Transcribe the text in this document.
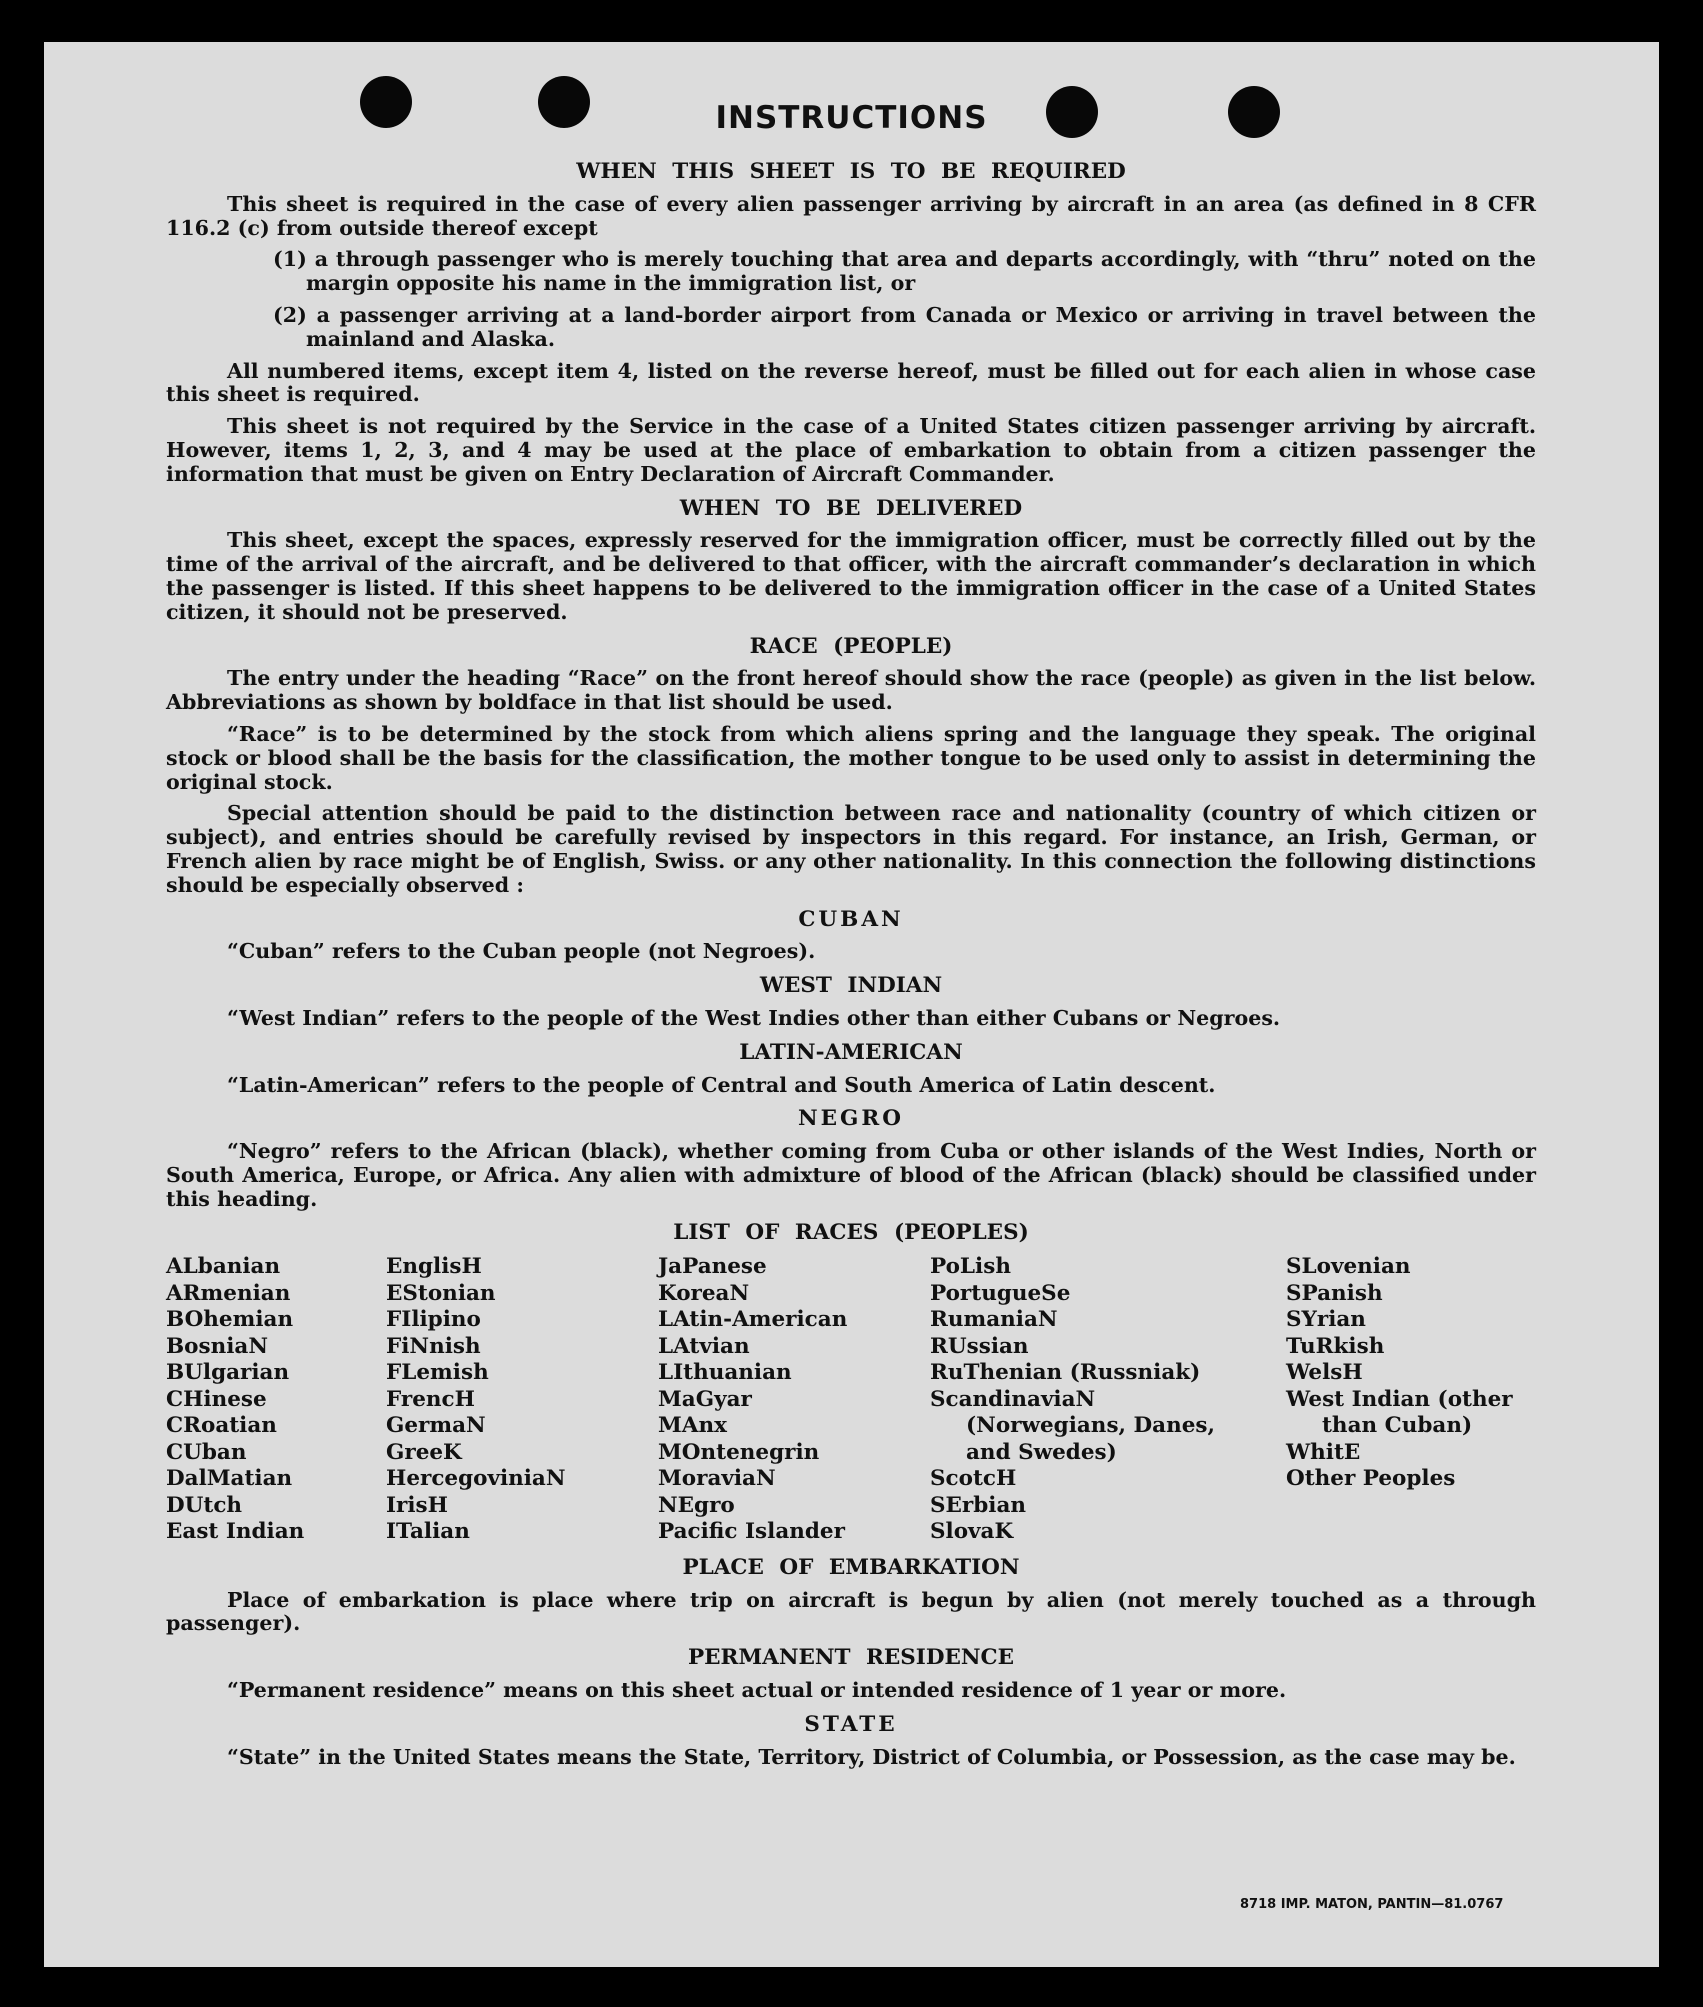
INSTRUCTIONS
WHEN THIS SHEET IS TO BE REQUIRED

This sheet is required in the case of every alien passenger arriving by aircraft in an area (as defined in 8 CFR 116.2 (c) from outside thereof except

(1) a through passenger who is merely touching that area and departs accordingly, with “thru” noted on the margin opposite his name in the immigration list, or

(2) a passenger arriving at a land-border airport from Canada or Mexico or arriving in travel between the mainland and Alaska.

All numbered items, except item 4, listed on the reverse hereof, must be filled out for each alien in whose case this sheet is required.

This sheet is not required by the Service in the case of a United States citizen passenger arriving by aircraft. However, items 1, 2, 3, and 4 may be used at the place of embarkation to obtain from a citizen passenger the information that must be given on Entry Declaration of Aircraft Commander.

WHEN TO BE DELIVERED

This sheet, except the spaces, expressly reserved for the immigration officer, must be correctly filled out by the time of the arrival of the aircraft, and be delivered to that officer, with the aircraft commander’s declaration in which the passenger is listed. If this sheet happens to be delivered to the immigration officer in the case of a United States citizen, it should not be preserved.

RACE (PEOPLE)

The entry under the heading “Race” on the front hereof should show the race (people) as given in the list below. Abbreviations as shown by boldface in that list should be used.

“Race” is to be determined by the stock from which aliens spring and the language they speak. The original stock or blood shall be the basis for the classification, the mother tongue to be used only to assist in determining the original stock.

Special attention should be paid to the distinction between race and nationality (country of which citizen or subject), and entries should be carefully revised by inspectors in this regard. For instance, an Irish, German, or French alien by race might be of English, Swiss. or any other nationality. In this connection the following distinctions should be especially observed :

CUBAN

“Cuban” refers to the Cuban people (not Negroes).

WEST INDIAN

“West Indian” refers to the people of the West Indies other than either Cubans or Negroes.

LATIN-AMERICAN

“Latin-American” refers to the people of Central and South America of Latin descent.

NEGRO

“Negro” refers to the African (black), whether coming from Cuba or other islands of the West Indies, North or South America, Europe, or Africa. Any alien with admixture of blood of the African (black) should be classified under this heading.

LIST OF RACES (PEOPLES)
ALbanian
ARmenian
BOhemian
BosniaN
BUlgarian
CHinese
CRoatian
CUban
DalMatian
DUtch
East Indian
EnglisH
EStonian
FIlipino
FiNnish
FLemish
FrencH
GermaN
GreeK
HercegoviniaN
IrisH
ITalian
JaPanese
KoreaN
LAtin-American
LAtvian
LIthuanian
MaGyar
MAnx
MOntenegrin
MoraviaN
NEgro
Pacific Islander
PoLish
PortugueSe
RumaniaN
RUssian
RuThenian (Russniak)
ScandinaviaN (Norwegians, Danes, and Swedes)
ScotcH
SErbian
SlovaK
SLovenian
SPanish
SYrian
TuRkish
WelsH
West Indian (other than Cuban)
WhitE
Other Peoples
PLACE OF EMBARKATION

Place of embarkation is place where trip on aircraft is begun by alien (not merely touched as a through passenger).

PERMANENT RESIDENCE

“Permanent residence” means on this sheet actual or intended residence of 1 year or more.

STATE

“State” in the United States means the State, Territory, District of Columbia, or Possession, as the case may be.

8718 IMP. MATON, PANTIN—81.0767
